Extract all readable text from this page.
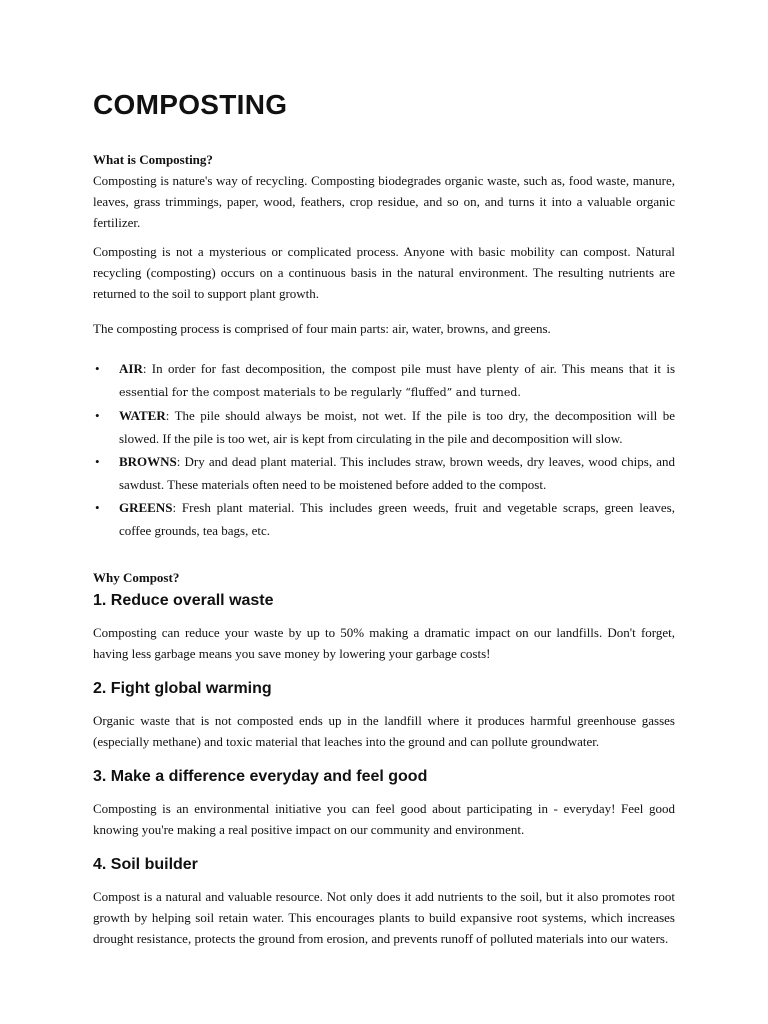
COMPOSTING
What is Composting?

Composting is nature's way of recycling. Composting biodegrades organic waste, such as, food waste, manure, leaves, grass trimmings, paper, wood, feathers, crop residue, and so on, and turns it into a valuable organic fertilizer.

Composting is not a mysterious or complicated process. Anyone with basic mobility can compost. Natural recycling (composting) occurs on a continuous basis in the natural environment. The resulting nutrients are returned to the soil to support plant growth.

The composting process is comprised of four main parts: air, water, browns, and greens.

• AIR: In order for fast decomposition, the compost pile must have plenty of air. This means that it is essential for the compost materials to be regularly “fluffed” and turned.
• WATER: The pile should always be moist, not wet. If the pile is too dry, the decomposition will be slowed. If the pile is too wet, air is kept from circulating in the pile and decomposition will slow.
• BROWNS: Dry and dead plant material. This includes straw, brown weeds, dry leaves, wood chips, and sawdust. These materials often need to be moistened before added to the compost.
• GREENS: Fresh plant material. This includes green weeds, fruit and vegetable scraps, green leaves, coffee grounds, tea bags, etc.
Why Compost?
1. Reduce overall waste

Composting can reduce your waste by up to 50% making a dramatic impact on our landfills. Don't forget, having less garbage means you save money by lowering your garbage costs!

2. Fight global warming

Organic waste that is not composted ends up in the landfill where it produces harmful greenhouse gasses (especially methane) and toxic material that leaches into the ground and can pollute groundwater.

3. Make a difference everyday and feel good

Composting is an environmental initiative you can feel good about participating in - everyday! Feel good knowing you're making a real positive impact on our community and environment.

4. Soil builder

Compost is a natural and valuable resource. Not only does it add nutrients to the soil, but it also promotes root growth by helping soil retain water. This encourages plants to build expansive root systems, which increases drought resistance, protects the ground from erosion, and prevents runoff of polluted materials into our waters.
